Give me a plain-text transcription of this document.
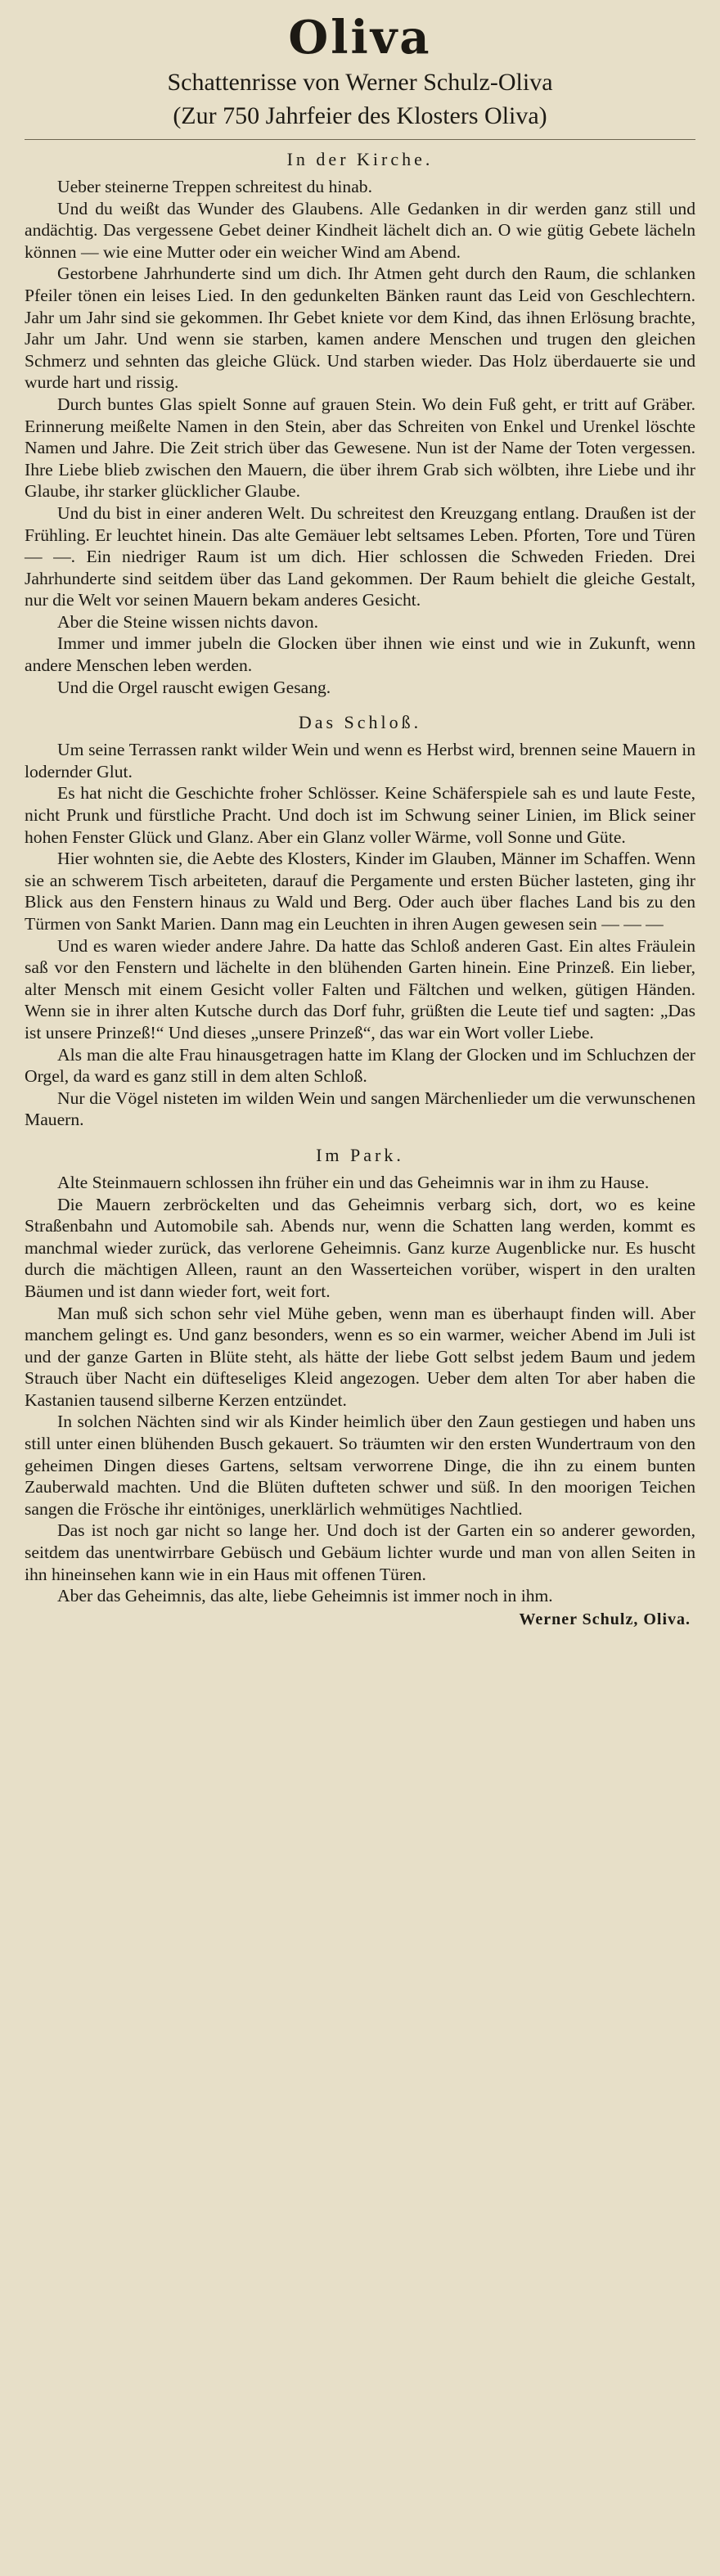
Oliva
Schattenrisse von Werner Schulz-Oliva
(Zur 750 Jahrfeier des Klosters Oliva)
In der Kirche.

Ueber steinerne Treppen schreitest du hinab.

Und du weißt das Wunder des Glaubens. Alle Gedanken in dir werden ganz still und andächtig. Das vergessene Gebet deiner Kindheit lächelt dich an. O wie gütig Gebete lächeln können — wie eine Mutter oder ein weicher Wind am Abend.

Gestorbene Jahrhunderte sind um dich. Ihr Atmen geht durch den Raum, die schlanken Pfeiler tönen ein leises Lied. In den gedunkelten Bänken raunt das Leid von Geschlechtern. Jahr um Jahr sind sie gekommen. Ihr Gebet kniete vor dem Kind, das ihnen Erlösung brachte, Jahr um Jahr. Und wenn sie starben, kamen andere Menschen und trugen den gleichen Schmerz und sehnten das gleiche Glück. Und starben wieder. Das Holz überdauerte sie und wurde hart und rissig.

Durch buntes Glas spielt Sonne auf grauen Stein. Wo dein Fuß geht, er tritt auf Gräber. Erinnerung meißelte Namen in den Stein, aber das Schreiten von Enkel und Urenkel löschte Namen und Jahre. Die Zeit strich über das Gewesene. Nun ist der Name der Toten vergessen. Ihre Liebe blieb zwischen den Mauern, die über ihrem Grab sich wölbten, ihre Liebe und ihr Glaube, ihr starker glücklicher Glaube.

Und du bist in einer anderen Welt. Du schreitest den Kreuzgang entlang. Draußen ist der Frühling. Er leuchtet hinein. Das alte Gemäuer lebt seltsames Leben. Pforten, Tore und Türen — —. Ein niedriger Raum ist um dich. Hier schlossen die Schweden Frieden. Drei Jahrhunderte sind seitdem über das Land gekommen. Der Raum behielt die gleiche Gestalt, nur die Welt vor seinen Mauern bekam anderes Gesicht.

Aber die Steine wissen nichts davon.

Immer und immer jubeln die Glocken über ihnen wie einst und wie in Zukunft, wenn andere Menschen leben werden.

Und die Orgel rauscht ewigen Gesang.

Das Schloß.

Um seine Terrassen rankt wilder Wein und wenn es Herbst wird, brennen seine Mauern in lodernder Glut.

Es hat nicht die Geschichte froher Schlösser. Keine Schäferspiele sah es und laute Feste, nicht Prunk und fürstliche Pracht. Und doch ist im Schwung seiner Linien, im Blick seiner hohen Fenster Glück und Glanz. Aber ein Glanz voller Wärme, voll Sonne und Güte.

Hier wohnten sie, die Aebte des Klosters, Kinder im Glauben, Männer im Schaffen. Wenn sie an schwerem Tisch arbeiteten, darauf die Pergamente und ersten Bücher lasteten, ging ihr Blick aus den Fenstern hinaus zu Wald und Berg. Oder auch über flaches Land bis zu den Türmen von Sankt Marien. Dann mag ein Leuchten in ihren Augen gewesen sein — — —

Und es waren wieder andere Jahre. Da hatte das Schloß anderen Gast. Ein altes Fräulein saß vor den Fenstern und lächelte in den blühenden Garten hinein. Eine Prinzeß. Ein lieber, alter Mensch mit einem Gesicht voller Falten und Fältchen und welken, gütigen Händen. Wenn sie in ihrer alten Kutsche durch das Dorf fuhr, grüßten die Leute tief und sagten: „Das ist unsere Prinzeß!“ Und dieses „unsere Prinzeß“, das war ein Wort voller Liebe.

Als man die alte Frau hinausgetragen hatte im Klang der Glocken und im Schluchzen der Orgel, da ward es ganz still in dem alten Schloß.

Nur die Vögel nisteten im wilden Wein und sangen Märchenlieder um die verwunschenen Mauern.

Im Park.

Alte Steinmauern schlossen ihn früher ein und das Geheimnis war in ihm zu Hause.

Die Mauern zerbröckelten und das Geheimnis verbarg sich, dort, wo es keine Straßenbahn und Automobile sah. Abends nur, wenn die Schatten lang werden, kommt es manchmal wieder zurück, das verlorene Geheimnis. Ganz kurze Augenblicke nur. Es huscht durch die mächtigen Alleen, raunt an den Wasserteichen vorüber, wispert in den uralten Bäumen und ist dann wieder fort, weit fort.

Man muß sich schon sehr viel Mühe geben, wenn man es überhaupt finden will. Aber manchem gelingt es. Und ganz besonders, wenn es so ein warmer, weicher Abend im Juli ist und der ganze Garten in Blüte steht, als hätte der liebe Gott selbst jedem Baum und jedem Strauch über Nacht ein düfteseliges Kleid angezogen. Ueber dem alten Tor aber haben die Kastanien tausend silberne Kerzen entzündet.

In solchen Nächten sind wir als Kinder heimlich über den Zaun gestiegen und haben uns still unter einen blühenden Busch gekauert. So träumten wir den ersten Wundertraum von den geheimen Dingen dieses Gartens, seltsam verworrene Dinge, die ihn zu einem bunten Zauberwald machten. Und die Blüten dufteten schwer und süß. In den moorigen Teichen sangen die Frösche ihr eintöniges, unerklärlich wehmütiges Nachtlied.

Das ist noch gar nicht so lange her. Und doch ist der Garten ein so anderer geworden, seitdem das unentwirrbare Gebüsch und Gebäum lichter wurde und man von allen Seiten in ihn hineinsehen kann wie in ein Haus mit offenen Türen.

Aber das Geheimnis, das alte, liebe Geheimnis ist immer noch in ihm.

Werner Schulz, Oliva.
